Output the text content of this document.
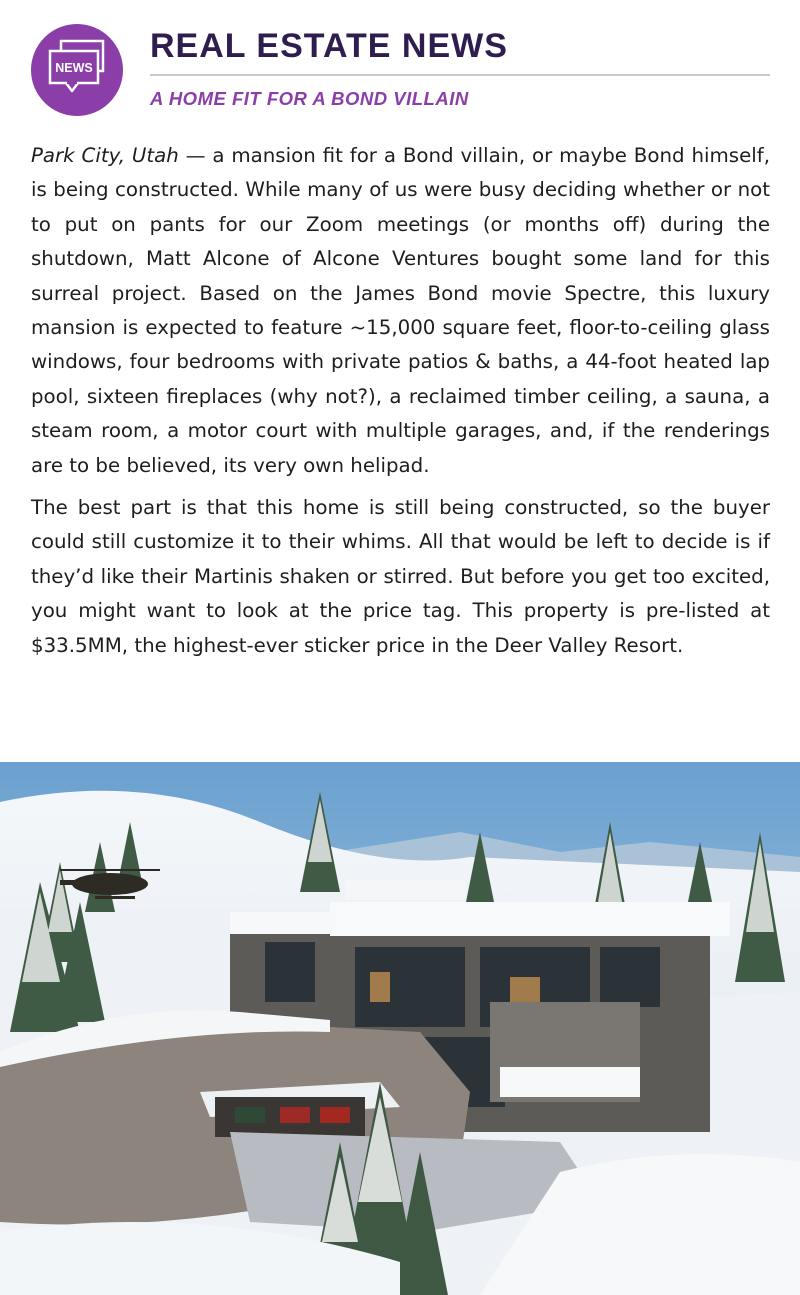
NEWS
REAL ESTATE NEWS
A HOME FIT FOR A BOND VILLAIN

Park City, Utah — a mansion fit for a Bond villain, or maybe Bond himself, is being constructed. While many of us were busy deciding whether or not to put on pants for our Zoom meetings (or months off) during the shutdown, Matt Alcone of Alcone Ventures bought some land for this surreal project. Based on the James Bond movie Spectre, this luxury mansion is expected to feature ~15,000 square feet, floor-to-ceiling glass windows, four bedrooms with private patios & baths, a 44-foot heated lap pool, sixteen fireplaces (why not?), a reclaimed timber ceiling, a sauna, a steam room, a motor court with multiple garages, and, if the renderings are to be believed, its very own helipad.

The best part is that this home is still being constructed, so the buyer could still customize it to their whims. All that would be left to decide is if they’d like their Martinis shaken or stirred. But before you get too excited, you might want to look at the price tag. This property is pre-listed at $33.5MM, the highest-ever sticker price in the Deer Valley Resort.
